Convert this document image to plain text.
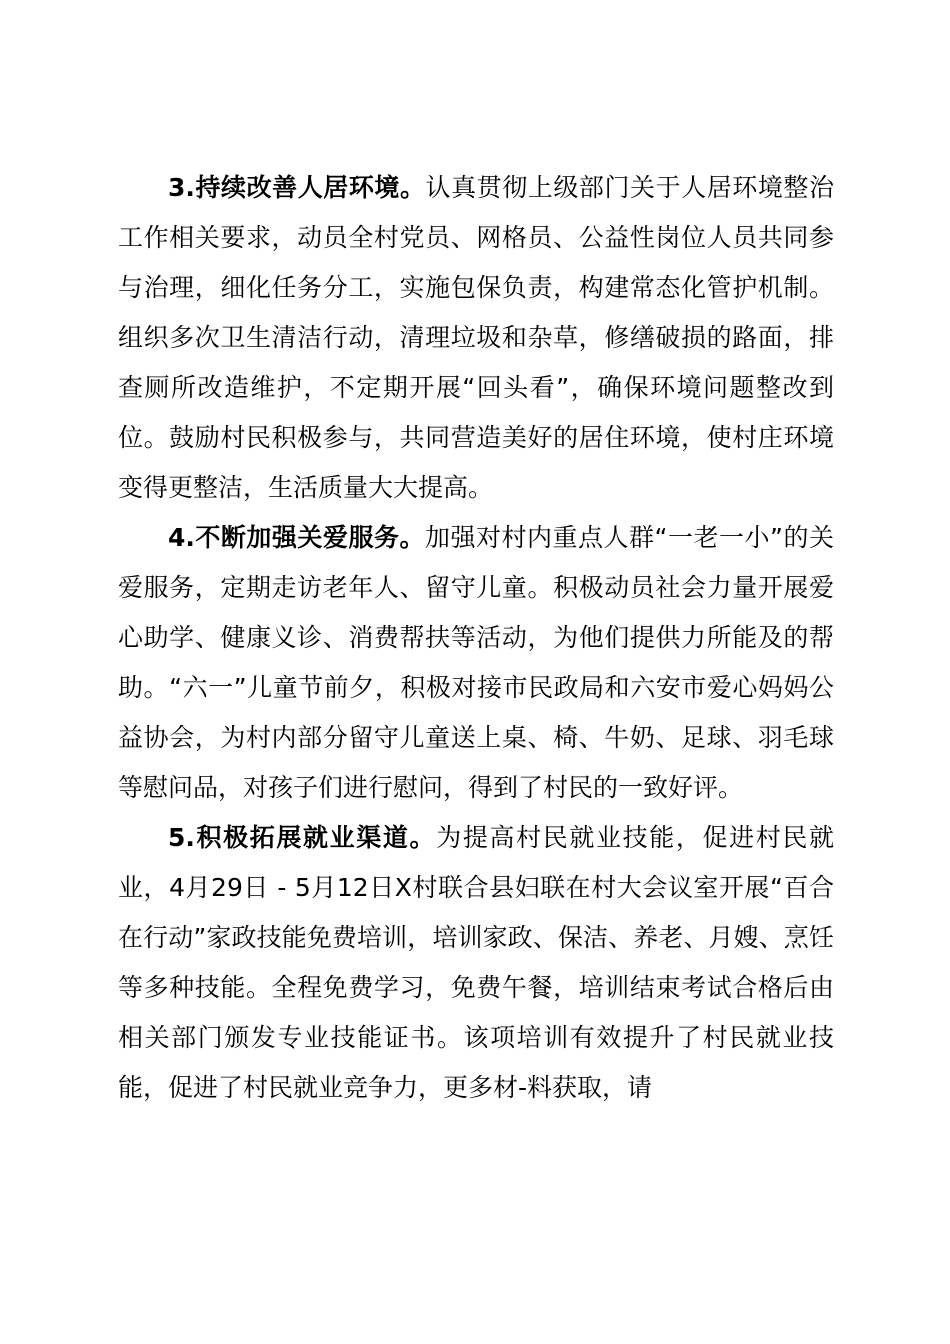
3.持续改善人居环境。认真贯彻上级部门关于人居环境整治工作相关要求，动员全村党员、网格员、公益性岗位人员共同参与治理，细化任务分工，实施包保负责，构建常态化管护机制。组织多次卫生清洁行动，清理垃圾和杂草，修缮破损的路面，排查厕所改造维护，不定期开展“回头看”，确保环境问题整改到位。鼓励村民积极参与，共同营造美好的居住环境，使村庄环境变得更整洁，生活质量大大提高。

4.不断加强关爱服务。加强对村内重点人群“一老一小”的关爱服务，定期走访老年人、留守儿童。积极动员社会力量开展爱心助学、健康义诊、消费帮扶等活动，为他们提供力所能及的帮助。“六一”儿童节前夕，积极对接市民政局和六安市爱心妈妈公益协会，为村内部分留守儿童送上桌、椅、牛奶、足球、羽毛球等慰问品，对孩子们进行慰问，得到了村民的一致好评。

5.积极拓展就业渠道。为提高村民就业技能，促进村民就业，4月29日 - 5月12日X村联合县妇联在村大会议室开展“百合在行动”家政技能免费培训，培训家政、保洁、养老、月嫂、烹饪等多种技能。全程免费学习，免费午餐，培训结束考试合格后由相关部门颁发专业技能证书。该项培训有效提升了村民就业技能，促进了村民就业竞争力，更多材-料获取，请
